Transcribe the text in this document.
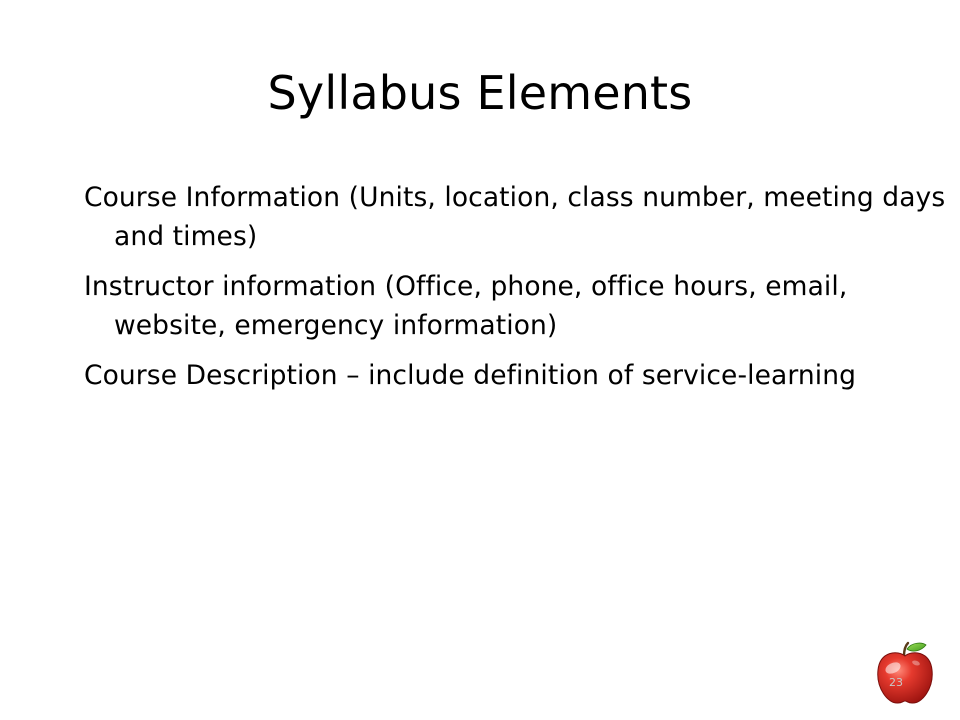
Syllabus Elements
Course Information (Units, location, class number, meeting days and times)
Instructor information (Office, phone, office hours, email, website, emergency information)
Course Description – include definition of service-learning
23
